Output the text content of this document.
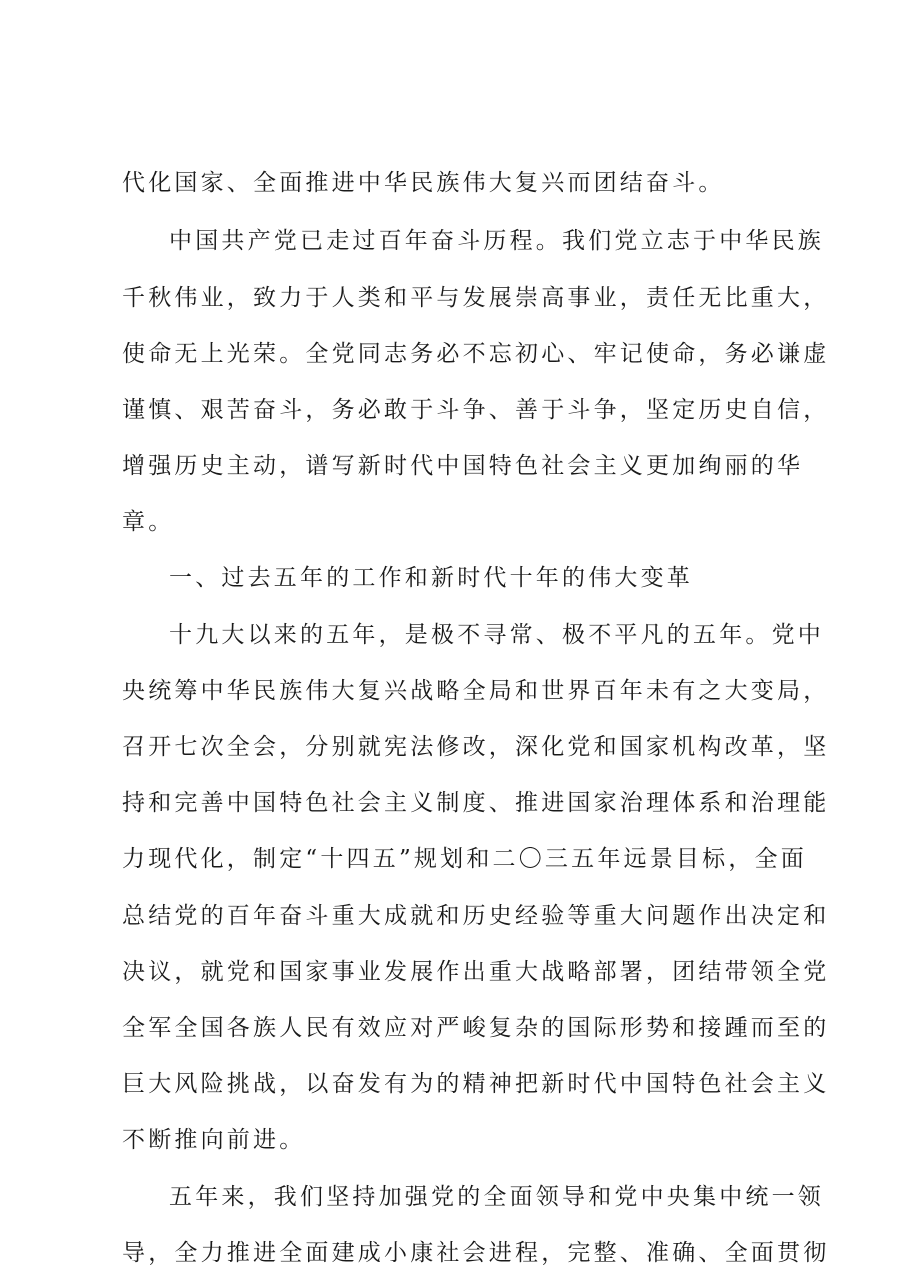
代化国家、全面推进中华民族伟大复兴而团结奋斗。
中国共产党已走过百年奋斗历程。我们党立志于中华民族
千秋伟业，致力于人类和平与发展崇高事业，责任无比重大，
使命无上光荣。全党同志务必不忘初心、牢记使命，务必谦虚
谨慎、艰苦奋斗，务必敢于斗争、善于斗争，坚定历史自信，
增强历史主动，谱写新时代中国特色社会主义更加绚丽的华
章。
一、过去五年的工作和新时代十年的伟大变革
十九大以来的五年，是极不寻常、极不平凡的五年。党中
央统筹中华民族伟大复兴战略全局和世界百年未有之大变局，
召开七次全会，分别就宪法修改，深化党和国家机构改革，坚
持和完善中国特色社会主义制度、推进国家治理体系和治理能
力现代化，制定“十四五”规划和二〇三五年远景目标，全面
总结党的百年奋斗重大成就和历史经验等重大问题作出决定和
决议，就党和国家事业发展作出重大战略部署，团结带领全党
全军全国各族人民有效应对严峻复杂的国际形势和接踵而至的
巨大风险挑战，以奋发有为的精神把新时代中国特色社会主义
不断推向前进。
五年来，我们坚持加强党的全面领导和党中央集中统一领
导，全力推进全面建成小康社会进程，完整、准确、全面贯彻
